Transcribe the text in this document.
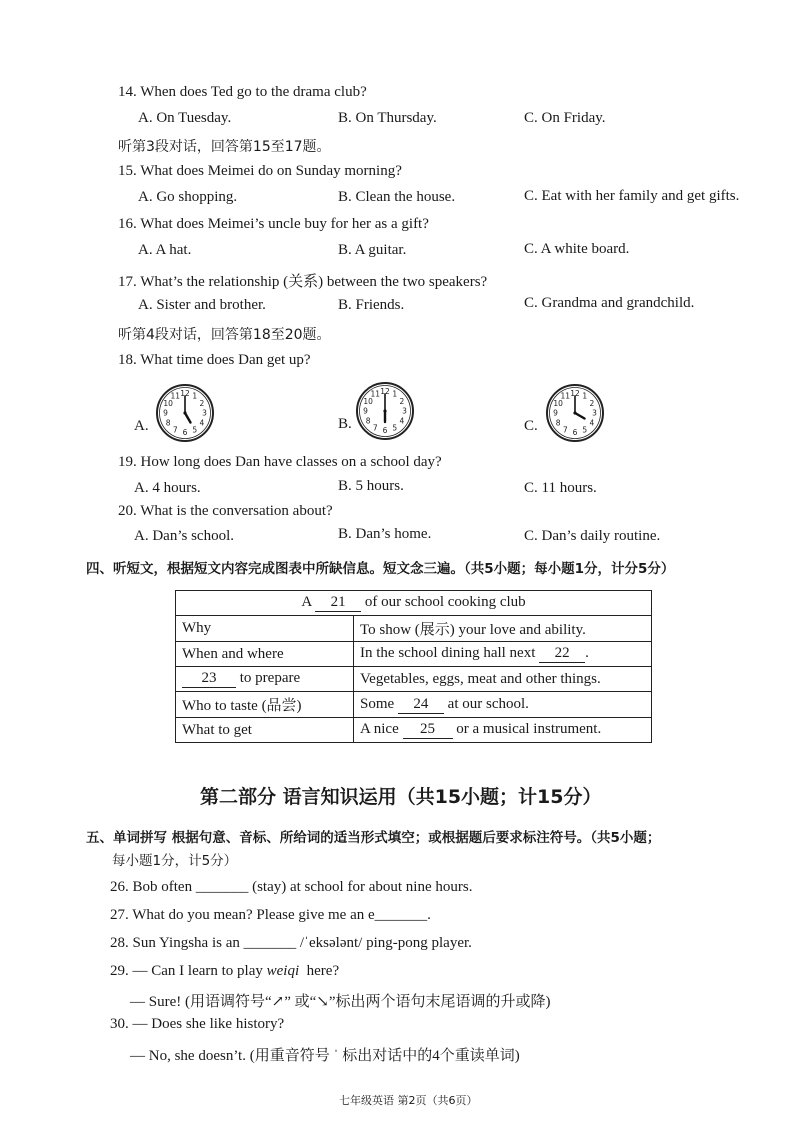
14. When does Ted go to the drama club?
A. On Tuesday.	B. On Thursday.	C. On Friday.
听第3段对话，回答第15至17题。
15. What does Meimei do on Sunday morning?
A. Go shopping.	B. Clean the house.	C. Eat with her family and get gifts.
16. What does Meimei’s uncle buy for her as a gift?
A. A hat.	B. A guitar.	C. A white board.
17. What’s the relationship (关系) between the two speakers?
A. Sister and brother.	B. Friends.	C. Grandma and grandchild.
听第4段对话，回答第18至20题。
18. What time does Dan get up?
A.	B.	C.
1
2
3
4
5
6
7
8
9
10
11 12	1
2
3
4
5
6
7
8
9
10
11 12
1
2
3
4
5
6
7
8
9
10
11 12
19. How long does Dan have classes on a school day?
A. 4 hours.	B. 5 hours.	C. 11 hours.
20. What is the conversation about?
A. Dan’s school.	B. Dan’s home.	C. Dan’s daily routine.
四、听短文，根据短文内容完成图表中所缺信息。短文念三遍。（共5小题；每小题1分，计分5分）
A 21 of our school cooking club	
Why	To show (展示) your love and ability.
When and where	In the school dining hall next 22 .
23 to prepare	Vegetables, eggs, meat and other things.
Who to taste (品尝)	Some 24 at our school.
What to get	A nice 25 or a musical instrument.
第二部分 语言知识运用（共15小题；计15分）
五、单词拼写 根据句意、音标、所给词的适当形式填空；或根据题后要求标注符号。（共5小题；
每小题1分，计5分）
26. Bob often _______ (stay) at school for about nine hours.
27. What do you mean? Please give me an e_______.
28. Sun Yingsha is an _______ /ˈeksələnt/ ping-pong player.
29. — Can I learn to play weiqi here?
— Sure! (用语调符号“↗” 或“↘”标出两个语句末尾语调的升或降)
30. — Does she like history?
— No, she doesn’t. (用重音符号 ˈ 标出对话中的4个重读单词)
七年级英语 第2页（共6页）
